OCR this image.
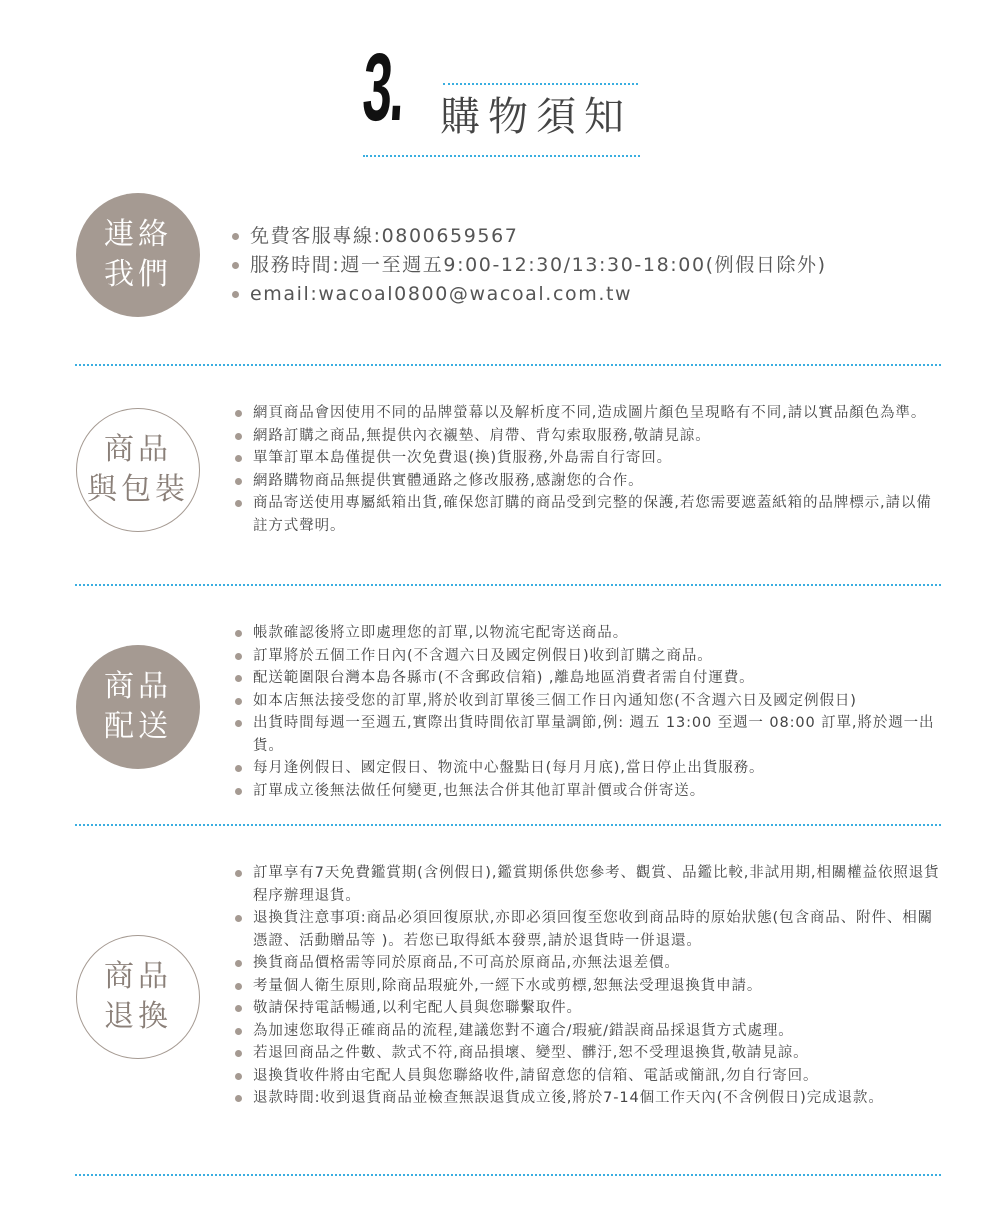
3. 購物須知
連絡
我們
免費客服專線:0800659567
服務時間:週一至週五9:00-12:30/13:30-18:00(例假日除外)
email:wacoal0800@wacoal.com.tw
商品
與包裝
網頁商品會因使用不同的品牌螢幕以及解析度不同,造成圖片顏色呈現略有不同,請以實品顏色為準。
網路訂購之商品,無提供內衣襯墊、肩帶、背勾索取服務,敬請見諒。
單筆訂單本島僅提供一次免費退(換)貨服務,外島需自行寄回。
網路購物商品無提供實體通路之修改服務,感謝您的合作。
商品寄送使用專屬紙箱出貨,確保您訂購的商品受到完整的保護,若您需要遮蓋紙箱的品牌標示,請以備註方式聲明。
商品
配送
帳款確認後將立即處理您的訂單,以物流宅配寄送商品。
訂單將於五個工作日內(不含週六日及國定例假日)收到訂購之商品。
配送範圍限台灣本島各縣市(不含郵政信箱) ,離島地區消費者需自付運費。
如本店無法接受您的訂單,將於收到訂單後三個工作日內通知您(不含週六日及國定例假日)
出貨時間每週一至週五,實際出貨時間依訂單量調節,例: 週五 13:00 至週一 08:00 訂單,將於週一出貨。
每月逢例假日、國定假日、物流中心盤點日(每月月底),當日停止出貨服務。
訂單成立後無法做任何變更,也無法合併其他訂單計價或合併寄送。
商品
退換
訂單享有7天免費鑑賞期(含例假日),鑑賞期係供您參考、觀賞、品鑑比較,非試用期,相關權益依照退貨程序辦理退貨。
退換貨注意事項:商品必須回復原狀,亦即必須回復至您收到商品時的原始狀態(包含商品、附件、相關憑證、活動贈品等 )。若您已取得紙本發票,請於退貨時一併退還。
換貨商品價格需等同於原商品,不可高於原商品,亦無法退差價。
考量個人衛生原則,除商品瑕疵外,一經下水或剪標,恕無法受理退換貨申請。
敬請保持電話暢通,以利宅配人員與您聯繫取件。
為加速您取得正確商品的流程,建議您對不適合/瑕疵/錯誤商品採退貨方式處理。
若退回商品之件數、款式不符,商品損壞、變型、髒汙,恕不受理退換貨,敬請見諒。
退換貨收件將由宅配人員與您聯絡收件,請留意您的信箱、電話或簡訊,勿自行寄回。
退款時間:收到退貨商品並檢查無誤退貨成立後,將於7-14個工作天內(不含例假日)完成退款。
